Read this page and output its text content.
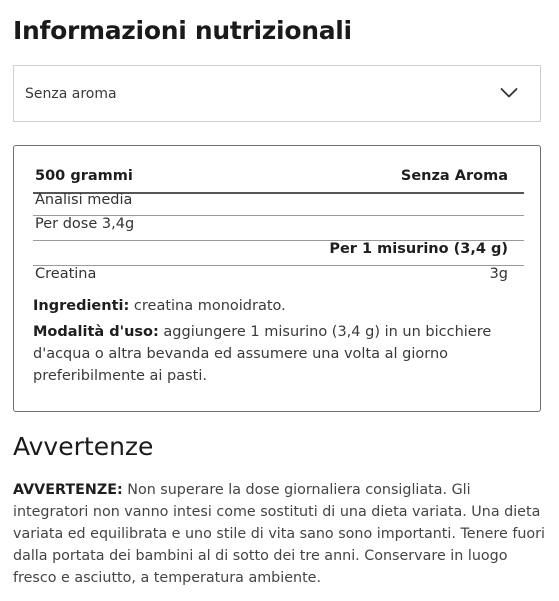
Informazioni nutrizionali
Senza aroma
500 grammi	Senza Aroma
Analisi media
Per dose 3,4g
Per 1 misurino (3,4 g)
Creatina	3g

Ingredienti: creatina monoidrato.

Modalità d'uso: aggiungere 1 misurino (3,4 g) in un bicchiere d'acqua o altra bevanda ed assumere una volta al giorno preferibilmente ai pasti.

Avvertenze

AVVERTENZE: Non superare la dose giornaliera consigliata. Gli integratori non vanno intesi come sostituti di una dieta variata. Una dieta variata ed equilibrata e uno stile di vita sano sono importanti. Tenere fuori dalla portata dei bambini al di sotto dei tre anni. Conservare in luogo fresco e asciutto, a temperatura ambiente.
